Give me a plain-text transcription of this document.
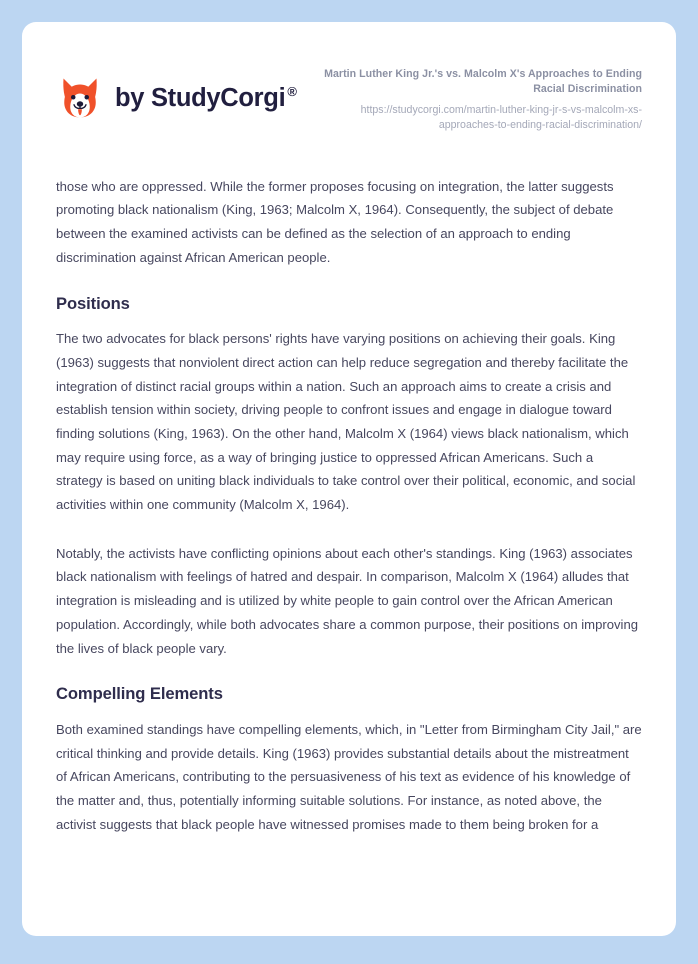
by StudyCorgi ®

Martin Luther King Jr.'s vs. Malcolm X's Approaches to Ending Racial Discrimination

https://studycorgi.com/martin-luther-king-jr-s-vs-malcolm-xs-approaches-to-ending-racial-discrimination/

those who are oppressed. While the former proposes focusing on integration, the latter suggests promoting black nationalism (King, 1963; Malcolm X, 1964). Consequently, the subject of debate between the examined activists can be defined as the selection of an approach to ending discrimination against African American people.

Positions

The two advocates for black persons' rights have varying positions on achieving their goals. King (1963) suggests that nonviolent direct action can help reduce segregation and thereby facilitate the integration of distinct racial groups within a nation. Such an approach aims to create a crisis and establish tension within society, driving people to confront issues and engage in dialogue toward finding solutions (King, 1963). On the other hand, Malcolm X (1964) views black nationalism, which may require using force, as a way of bringing justice to oppressed African Americans. Such a strategy is based on uniting black individuals to take control over their political, economic, and social activities within one community (Malcolm X, 1964).

Notably, the activists have conflicting opinions about each other's standings. King (1963) associates black nationalism with feelings of hatred and despair. In comparison, Malcolm X (1964) alludes that integration is misleading and is utilized by white people to gain control over the African American population. Accordingly, while both advocates share a common purpose, their positions on improving the lives of black people vary.

Compelling Elements

Both examined standings have compelling elements, which, in "Letter from Birmingham City Jail," are critical thinking and provide details. King (1963) provides substantial details about the mistreatment of African Americans, contributing to the persuasiveness of his text as evidence of his knowledge of the matter and, thus, potentially informing suitable solutions. For instance, as noted above, the activist suggests that black people have witnessed promises made to them being broken for a
